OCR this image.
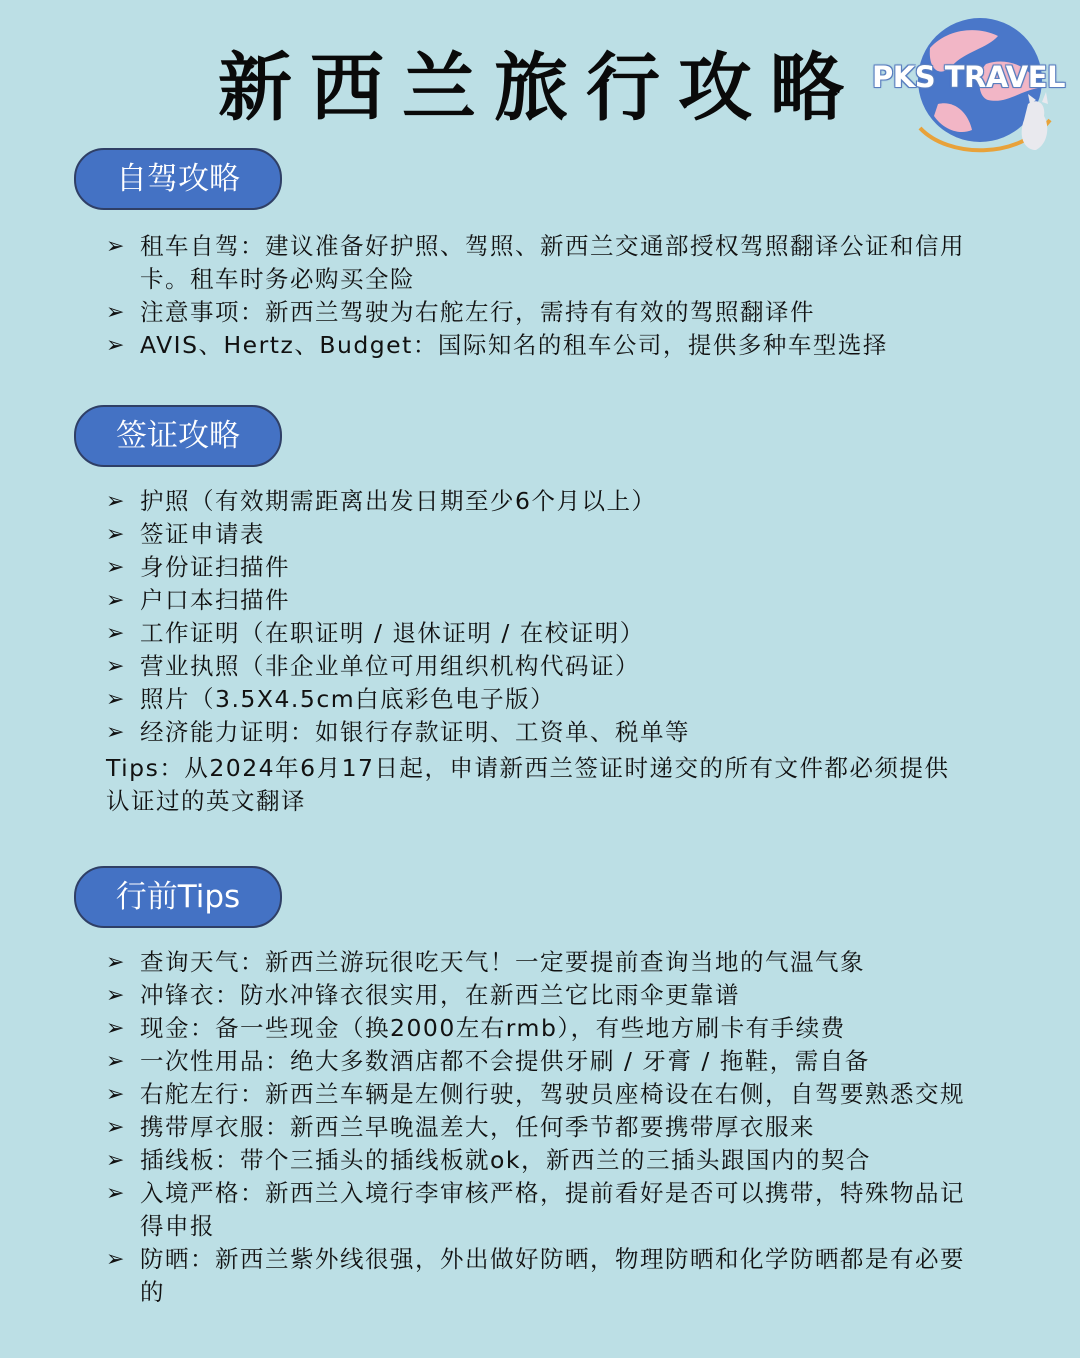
新西兰旅行攻略 PKS TRAVEL
自驾攻略
➢ 租车自驾：建议准备好护照、驾照、新西兰交通部授权驾照翻译公证和信用卡。租车时务必购买全险
➢ 注意事项：新西兰驾驶为右舵左行，需持有有效的驾照翻译件
➢ AVIS、Hertz、Budget：国际知名的租车公司，提供多种车型选择
签证攻略
➢ 护照（有效期需距离出发日期至少6个月以上）
➢ 签证申请表
➢ 身份证扫描件
➢ 户口本扫描件
➢ 工作证明（在职证明 / 退休证明 / 在校证明）
➢ 营业执照（非企业单位可用组织机构代码证）
➢ 照片（3.5X4.5cm白底彩色电子版）
➢ 经济能力证明：如银行存款证明、工资单、税单等

Tips：从2024年6月17日起，申请新西兰签证时递交的所有文件都必须提供认证过的英文翻译

行前Tips
➢ 查询天气：新西兰游玩很吃天气！一定要提前查询当地的气温气象
➢ 冲锋衣：防水冲锋衣很实用，在新西兰它比雨伞更靠谱
➢ 现金：备一些现金（换2000左右rmb），有些地方刷卡有手续费
➢ 一次性用品：绝大多数酒店都不会提供牙刷 / 牙膏 / 拖鞋，需自备
➢ 右舵左行：新西兰车辆是左侧行驶，驾驶员座椅设在右侧，自驾要熟悉交规
➢ 携带厚衣服：新西兰早晚温差大，任何季节都要携带厚衣服来
➢ 插线板：带个三插头的插线板就ok，新西兰的三插头跟国内的契合
➢ 入境严格：新西兰入境行李审核严格，提前看好是否可以携带，特殊物品记得申报
➢ 防晒：新西兰紫外线很强，外出做好防晒，物理防晒和化学防晒都是有必要的
